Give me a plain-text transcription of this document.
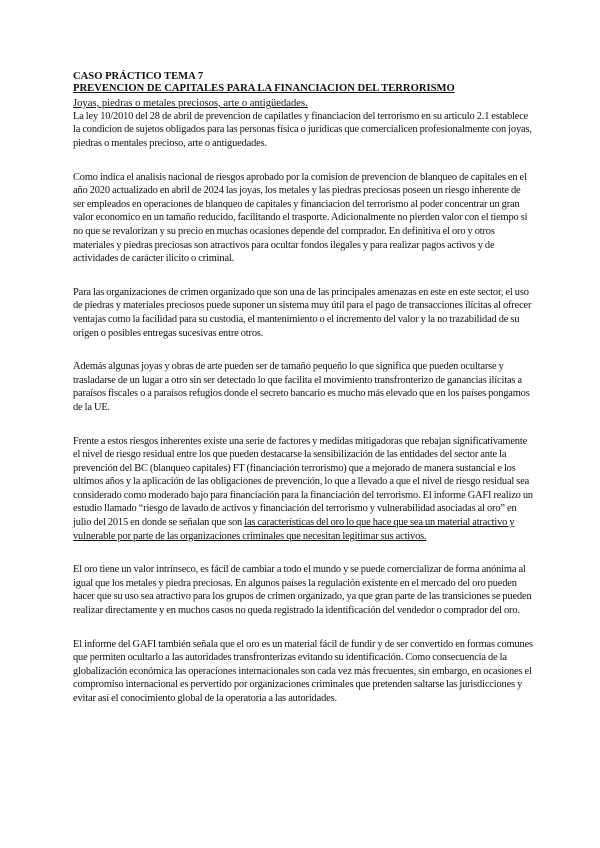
CASO PRÁCTICO TEMA 7

PREVENCION DE CAPITALES PARA LA FINANCIACION DEL TERRORISMO

Joyas, piedras o metales preciosos, arte o antigüedades.

La ley 10/2010 del 28 de abril de prevencion de capilatles y financiacion del terrorismo en su articulo 2.1 establece la condicion de sujetos obligados para las personas física o jurídicas que comercialicen profesionalmente con joyas, piedras o mentales precioso, arte o antiguedades.

Como indica el analisis nacional de riesgos aprobado por la comision de prevencion de blanqueo de capitales en el año 2020 actualizado en abril de 2024 las joyas, los metales y las piedras preciosas poseen un riesgo inherente de ser empleados en operaciones de blanqueo de capitales y financiacion del terrorismo al poder concentrar un gran valor economico en un tamaño reducido, facilitando el trasporte. Adicionalmente no pierden valor con el tiempo si no que se revalorizan y su precio en muchas ocasiones depende del comprador. En definitiva el oro y otros materiales y piedras preciosas son atractivos para ocultar fondos ilegales y para realizar pagos activos y de actividades de carácter ilicito o criminal.

Para las organizaciones de crimen organizado que son una de las principales amenazas en este en este sector, el uso de piedras y materiales preciosos puede suponer un sistema muy útil para el pago de transacciones ilícitas al ofrecer ventajas como la facilidad para su custodia, el mantenimiento o el incremento del valor y la no trazabilidad de su origen o posibles entregas sucesivas entre otros.

Además algunas joyas y obras de arte pueden ser de tamaño pequeño lo que significa que pueden ocultarse y trasladarse de un lugar a otro sin ser detectado lo que facilita el movimiento transfronterizo de ganancias ilícitas a paraísos fiscales o a paraísos refugios donde el secreto bancario es mucho más elevado que en los países pongamos de la UE.

Frente a estos riesgos inherentes existe una serie de factores y medidas mitigadoras que rebajan significativamente el nivel de riesgo residual entre los que pueden destacarse la sensibilización de las entidades del sector ante la prevención del BC (blanqueo capitales) FT (financiación terrorismo) que a mejorado de manera sustancial e los ultimos años y la aplicación de las obligaciones de prevención, lo que a llevado a que el nivel de riesgo residual sea considerado como moderado bajo para financiación para la financiación del terrorismo. El informe GAFI realizo un estudio llamado “riesgo de lavado de activos y financiación del terrorismo y vulnerabilidad asociadas al oro” en julio del 2015 en donde se señalan que son las características del oro lo que hace que sea un material atractivo y vulnerable por parte de las organizaciones criminales que necesitan legitimar sus activos.

El oro tiene un valor intrínseco, es fácil de cambiar a todo el mundo y se puede comercializar de forma anónima al igual que los metales y piedra preciosas. En algunos países la regulación existente en el mercado del oro pueden hacer que su uso sea atractivo para los grupos de crimen organizado, ya que gran parte de las transiciones se pueden realizar directamente y en muchos casos no queda registrado la identificación del vendedor o comprador del oro.

El informe del GAFI también señala que el oro es un material fácil de fundir y de ser convertido en formas comunes que permiten ocultarlo a las autoridades transfronterizas evitando su identificación. Como consecuencia de la globalización económica las operaciones internacionales son cada vez más frecuentes, sin embargo, en ocasiones el compromiso internacional es pervertido por organizaciones criminales que pretenden saltarse las jurisdicciones y evitar así el conocimiento global de la operatoria a las autoridades.
